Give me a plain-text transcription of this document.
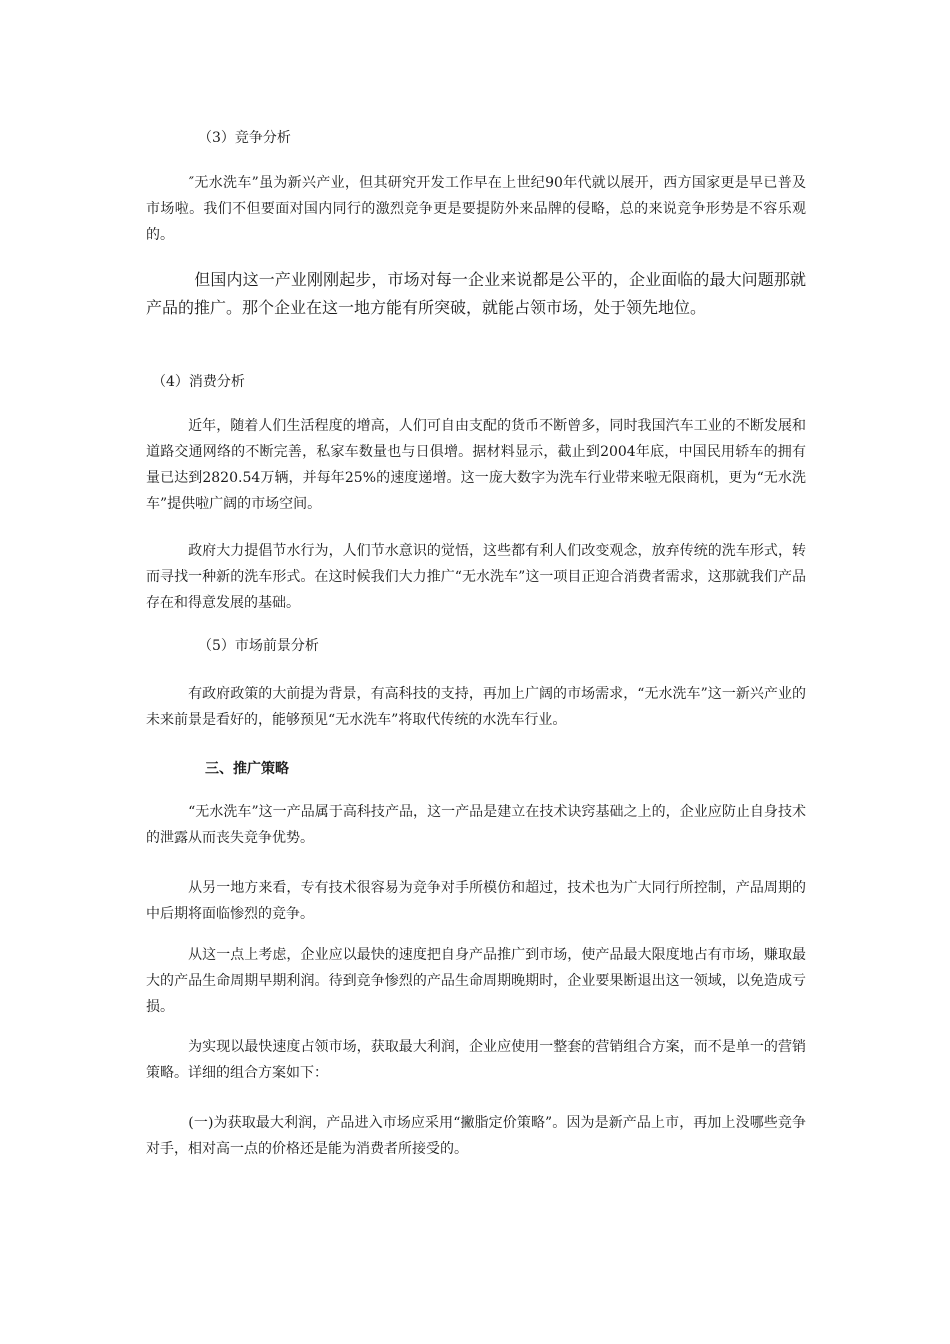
（3）竞争分析

　　　″无水洗车”虽为新兴产业，但其研究开发工作早在上世纪90年代就以展开，西方国家更是早已普及市场啦。我们不但要面对国内同行的激烈竞争更是要提防外来品牌的侵略，总的来说竞争形势是不容乐观的。

　　　但国内这一产业刚刚起步，市场对每一企业来说都是公平的，企业面临的最大问题那就产品的推广。那个企业在这一地方能有所突破，就能占领市场，处于领先地位。

（4）消费分析

　　　近年，随着人们生活程度的增高，人们可自由支配的货币不断曾多，同时我国汽车工业的不断发展和道路交通网络的不断完善，私家车数量也与日俱增。据材料显示，截止到2004年底，中国民用轿车的拥有量已达到2820.54万辆，并每年25%的速度递增。这一庞大数字为洗车行业带来啦无限商机，更为“无水洗车”提供啦广阔的市场空间。

　　　政府大力提倡节水行为，人们节水意识的觉悟，这些都有利人们改变观念，放弃传统的洗车形式，转而寻找一种新的洗车形式。在这时候我们大力推广“无水洗车”这一项目正迎合消费者需求，这那就我们产品存在和得意发展的基础。

（5）市场前景分析

　　　有政府政策的大前提为背景，有高科技的支持，再加上广阔的市场需求，“无水洗车”这一新兴产业的未来前景是看好的，能够预见“无水洗车”将取代传统的水洗车行业。

三、推广策略

　　　“无水洗车”这一产品属于高科技产品，这一产品是建立在技术诀窍基础之上的，企业应防止自身技术的泄露从而丧失竞争优势。

　　　从另一地方来看，专有技术很容易为竞争对手所模仿和超过，技术也为广大同行所控制，产品周期的中后期将面临惨烈的竞争。

　　　从这一点上考虑，企业应以最快的速度把自身产品推广到市场，使产品最大限度地占有市场，赚取最大的产品生命周期早期利润。待到竞争惨烈的产品生命周期晚期时，企业要果断退出这一领域，以免造成亏损。

　　　为实现以最快速度占领市场，获取最大利润，企业应使用一整套的营销组合方案，而不是单一的营销策略。详细的组合方案如下：

　　　(一)为获取最大利润，产品进入市场应采用“撇脂定价策略”。因为是新产品上市，再加上没哪些竞争对手，相对高一点的价格还是能为消费者所接受的。
